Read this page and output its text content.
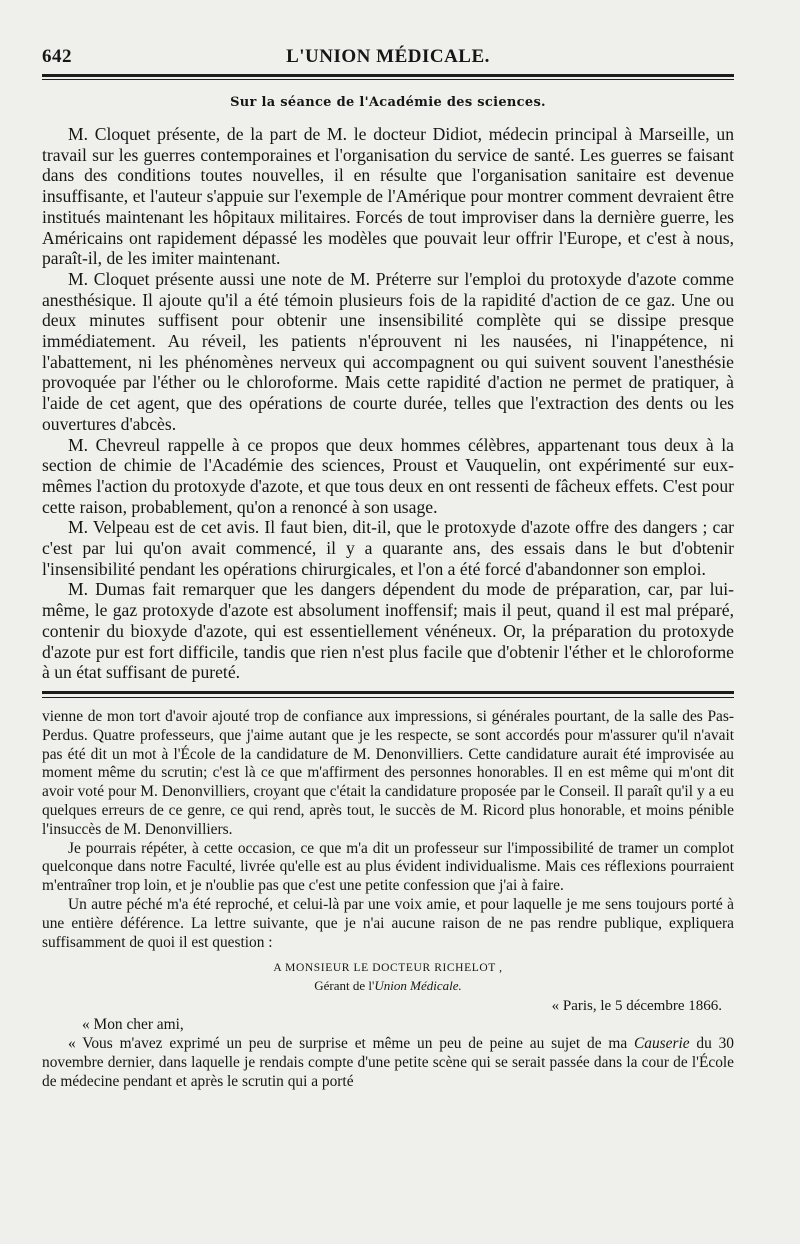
642	L'UNION MÉDICALE.
Sur la séance de l'Académie des sciences.

M. Cloquet présente, de la part de M. le docteur Didiot, médecin principal à Marseille, un travail sur les guerres contemporaines et l'organisation du service de santé. Les guerres se faisant dans des conditions toutes nouvelles, il en résulte que l'organisation sanitaire est devenue insuffisante, et l'auteur s'appuie sur l'exemple de l'Amérique pour montrer comment devraient être institués maintenant les hôpitaux militaires. Forcés de tout improviser dans la dernière guerre, les Américains ont rapidement dépassé les modèles que pouvait leur offrir l'Europe, et c'est à nous, paraît-il, de les imiter maintenant.

M. Cloquet présente aussi une note de M. Préterre sur l'emploi du protoxyde d'azote comme anesthésique. Il ajoute qu'il a été témoin plusieurs fois de la rapidité d'action de ce gaz. Une ou deux minutes suffisent pour obtenir une insensibilité complète qui se dissipe presque immédiatement. Au réveil, les patients n'éprouvent ni les nausées, ni l'inappétence, ni l'abattement, ni les phénomènes nerveux qui accompagnent ou qui suivent souvent l'anesthésie provoquée par l'éther ou le chloroforme. Mais cette rapidité d'action ne permet de pratiquer, à l'aide de cet agent, que des opérations de courte durée, telles que l'extraction des dents ou les ouvertures d'abcès.

M. Chevreul rappelle à ce propos que deux hommes célèbres, appartenant tous deux à la section de chimie de l'Académie des sciences, Proust et Vauquelin, ont expérimenté sur eux-mêmes l'action du protoxyde d'azote, et que tous deux en ont ressenti de fâcheux effets. C'est pour cette raison, probablement, qu'on a renoncé à son usage.

M. Velpeau est de cet avis. Il faut bien, dit-il, que le protoxyde d'azote offre des dangers ; car c'est par lui qu'on avait commencé, il y a quarante ans, des essais dans le but d'obtenir l'insensibilité pendant les opérations chirurgicales, et l'on a été forcé d'abandonner son emploi.

M. Dumas fait remarquer que les dangers dépendent du mode de préparation, car, par lui-même, le gaz protoxyde d'azote est absolument inoffensif; mais il peut, quand il est mal préparé, contenir du bioxyde d'azote, qui est essentiellement vénéneux. Or, la préparation du protoxyde d'azote pur est fort difficile, tandis que rien n'est plus facile que d'obtenir l'éther et le chloroforme à un état suffisant de pureté.

vienne de mon tort d'avoir ajouté trop de confiance aux impressions, si générales pourtant, de la salle des Pas-Perdus. Quatre professeurs, que j'aime autant que je les respecte, se sont accordés pour m'assurer qu'il n'avait pas été dit un mot à l'École de la candidature de M. Denonvilliers. Cette candidature aurait été improvisée au moment même du scrutin; c'est là ce que m'affirment des personnes honorables. Il en est même qui m'ont dit avoir voté pour M. Denonvilliers, croyant que c'était la candidature proposée par le Conseil. Il paraît qu'il y a eu quelques erreurs de ce genre, ce qui rend, après tout, le succès de M. Ricord plus honorable, et moins pénible l'insuccès de M. Denonvilliers.

Je pourrais répéter, à cette occasion, ce que m'a dit un professeur sur l'impossibilité de tramer un complot quelconque dans notre Faculté, livrée qu'elle est au plus évident individualisme. Mais ces réflexions pourraient m'entraîner trop loin, et je n'oublie pas que c'est une petite confession que j'ai à faire.

Un autre péché m'a été reproché, et celui-là par une voix amie, et pour laquelle je me sens toujours porté à une entière déférence. La lettre suivante, que je n'ai aucune raison de ne pas rendre publique, expliquera suffisamment de quoi il est question :

A MONSIEUR LE DOCTEUR RICHELOT ,
Gérant de l'Union Médicale.
« Paris, le 5 décembre 1866.

« Mon cher ami,

« Vous m'avez exprimé un peu de surprise et même un peu de peine au sujet de ma Causerie du 30 novembre dernier, dans laquelle je rendais compte d'une petite scène qui se serait passée dans la cour de l'École de médecine pendant et après le scrutin qui a porté
